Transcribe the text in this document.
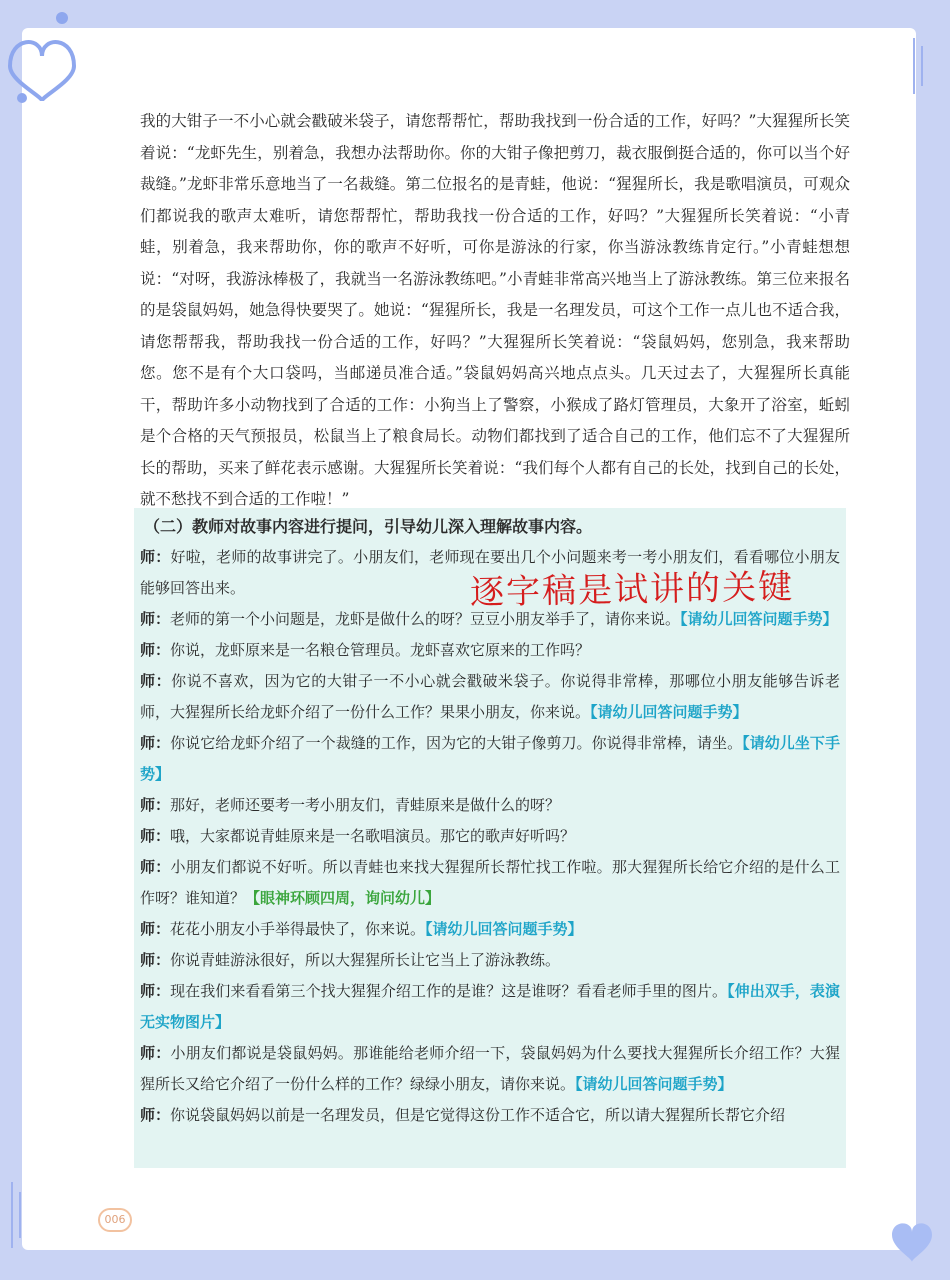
我的大钳子一不小心就会戳破米袋子，请您帮帮忙，帮助我找到一份合适的工作，好吗？”大猩猩所长笑着说：“龙虾先生，别着急，我想办法帮助你。你的大钳子像把剪刀，裁衣服倒挺合适的，你可以当个好裁缝。”龙虾非常乐意地当了一名裁缝。第二位报名的是青蛙，他说：“猩猩所长，我是歌唱演员，可观众们都说我的歌声太难听，请您帮帮忙，帮助我找一份合适的工作，好吗？”大猩猩所长笑着说：“小青蛙，别着急，我来帮助你，你的歌声不好听，可你是游泳的行家，你当游泳教练肯定行。”小青蛙想想说：“对呀，我游泳棒极了，我就当一名游泳教练吧。”小青蛙非常高兴地当上了游泳教练。第三位来报名的是袋鼠妈妈，她急得快要哭了。她说：“猩猩所长，我是一名理发员，可这个工作一点儿也不适合我，请您帮帮我，帮助我找一份合适的工作，好吗？”大猩猩所长笑着说：“袋鼠妈妈，您别急，我来帮助您。您不是有个大口袋吗，当邮递员准合适。”袋鼠妈妈高兴地点点头。几天过去了，大猩猩所长真能干，帮助许多小动物找到了合适的工作：小狗当上了警察，小猴成了路灯管理员，大象开了浴室，蚯蚓是个合格的天气预报员，松鼠当上了粮食局长。动物们都找到了适合自己的工作，他们忘不了大猩猩所长的帮助，买来了鲜花表示感谢。大猩猩所长笑着说：“我们每个人都有自己的长处，找到自己的长处，就不愁找不到合适的工作啦！”

（二）教师对故事内容进行提问，引导幼儿深入理解故事内容。

师：好啦，老师的故事讲完了。小朋友们，老师现在要出几个小问题来考一考小朋友们，看看哪位小朋友能够回答出来。

师：老师的第一个小问题是，龙虾是做什么的呀？豆豆小朋友举手了，请你来说。【请幼儿回答问题手势】

师：你说，龙虾原来是一名粮仓管理员。龙虾喜欢它原来的工作吗？

师：你说不喜欢，因为它的大钳子一不小心就会戳破米袋子。你说得非常棒，那哪位小朋友能够告诉老师，大猩猩所长给龙虾介绍了一份什么工作？果果小朋友，你来说。【请幼儿回答问题手势】

师：你说它给龙虾介绍了一个裁缝的工作，因为它的大钳子像剪刀。你说得非常棒，请坐。【请幼儿坐下手势】

师：那好，老师还要考一考小朋友们，青蛙原来是做什么的呀？

师：哦，大家都说青蛙原来是一名歌唱演员。那它的歌声好听吗？

师：小朋友们都说不好听。所以青蛙也来找大猩猩所长帮忙找工作啦。那大猩猩所长给它介绍的是什么工作呀？谁知道？【眼神环顾四周，询问幼儿】

师：花花小朋友小手举得最快了，你来说。【请幼儿回答问题手势】

师：你说青蛙游泳很好，所以大猩猩所长让它当上了游泳教练。

师：现在我们来看看第三个找大猩猩介绍工作的是谁？这是谁呀？看看老师手里的图片。【伸出双手，表演无实物图片】

师：小朋友们都说是袋鼠妈妈。那谁能给老师介绍一下，袋鼠妈妈为什么要找大猩猩所长介绍工作？大猩猩所长又给它介绍了一份什么样的工作？绿绿小朋友，请你来说。【请幼儿回答问题手势】

师：你说袋鼠妈妈以前是一名理发员，但是它觉得这份工作不适合它，所以请大猩猩所长帮它介绍

逐字稿是试讲的关键
006
